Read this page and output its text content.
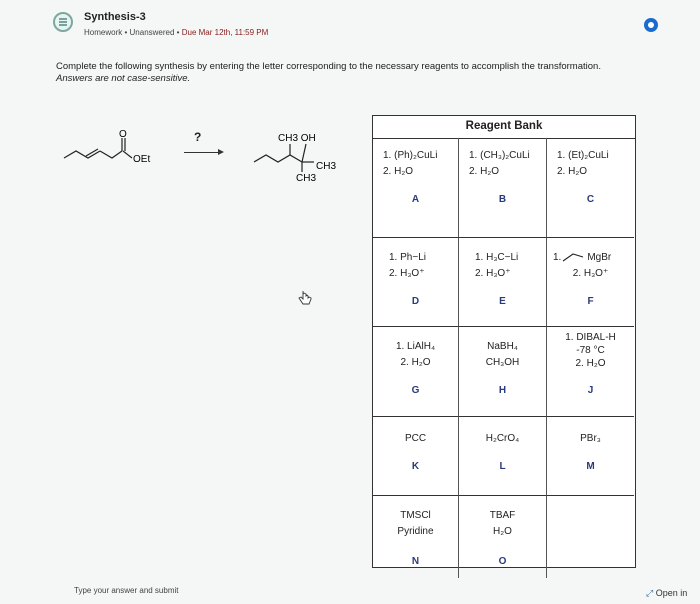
Synthesis-3
Homework • Unanswered • Due Mar 12th, 11:59 PM
Complete the following synthesis by entering the letter corresponding to the necessary reagents to accomplish the transformation. Answers are not case-sensitive.
O
OEt
?	CH3 OH
CH3
CH3
Reagent Bank
1. (Ph)₂CuLi
2. H₂O
A
1. (CH₃)₂CuLi
2. H₂O
B
1. (Et)₂CuLi
2. H₂O
C
1. Ph−Li
2. H₃O⁺
D
1. H₃C−Li
2. H₃O⁺
E
1.	MgBr
2. H₃O⁺
F
1. LiAlH₄
2. H₂O
G
NaBH₄
CH₃OH
H
1. DIBAL-H
-78 °C
2. H₂O
J
PCC
K
H₂CrO₄
L
PBr₃
M
TMSCl
Pyridine
N
TBAF
H₂O
O
Type your answer and submit	⤢ Open in
